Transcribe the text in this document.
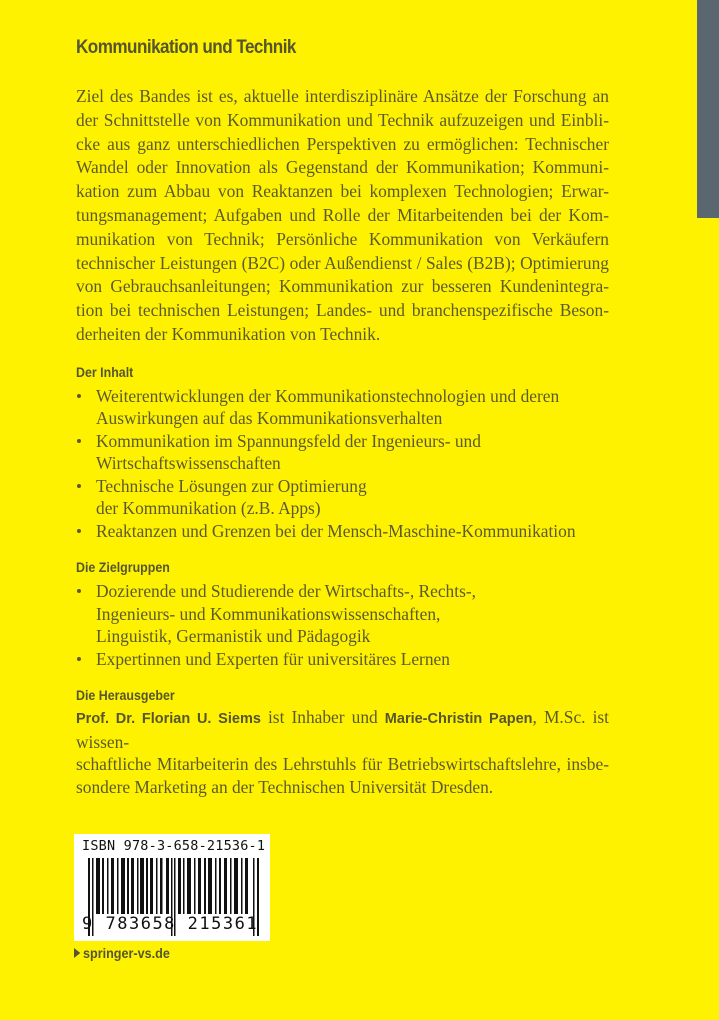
Kommunikation und Technik

Ziel des Bandes ist es, aktuelle interdisziplinäre Ansätze der Forschung an
der Schnittstelle von Kommunikation und Technik aufzuzeigen und Einbli-
cke aus ganz unterschiedlichen Perspektiven zu ermöglichen: Technischer
Wandel oder Innovation als Gegenstand der Kommunikation; Kommuni-
kation zum Abbau von Reaktanzen bei komplexen Technologien; Erwar-
tungsmanagement; Aufgaben und Rolle der Mitarbeitenden bei der Kom-
munikation von Technik; Persönliche Kommunikation von Verkäufern
technischer Leistungen (B2C) oder Außendienst / Sales (B2B); Optimierung
von Gebrauchsanleitungen; Kommunikation zur besseren Kundenintegra-
tion bei technischen Leistungen; Landes- und branchenspezifische Beson-
derheiten der Kommunikation von Technik.

Der Inhalt
Weiterentwicklungen der Kommunikationstechnologien und deren
Auswirkungen auf das Kommunikationsverhalten
Kommunikation im Spannungsfeld der Ingenieurs- und
Wirtschaftswissenschaften
Technische Lösungen zur Optimierung
der Kommunikation (z.B. Apps)
Reaktanzen und Grenzen bei der Mensch-Maschine-Kommunikation
Die Zielgruppen
Dozierende und Studierende der Wirtschafts-, Rechts-,
Ingenieurs- und Kommunikationswissenschaften,
Linguistik, Germanistik und Pädagogik
Expertinnen und Experten für universitäres Lernen
Die Herausgeber

Prof. Dr. Florian U. Siems ist Inhaber und Marie-Christin Papen, M.Sc. ist wissen-
schaftliche Mitarbeiterin des Lehrstuhls für Betriebswirtschaftslehre, insbe-
sondere Marketing an der Technischen Universität Dresden.

ISBN 978-3-658-21536-1
9 783658 215361
springer-vs.de
